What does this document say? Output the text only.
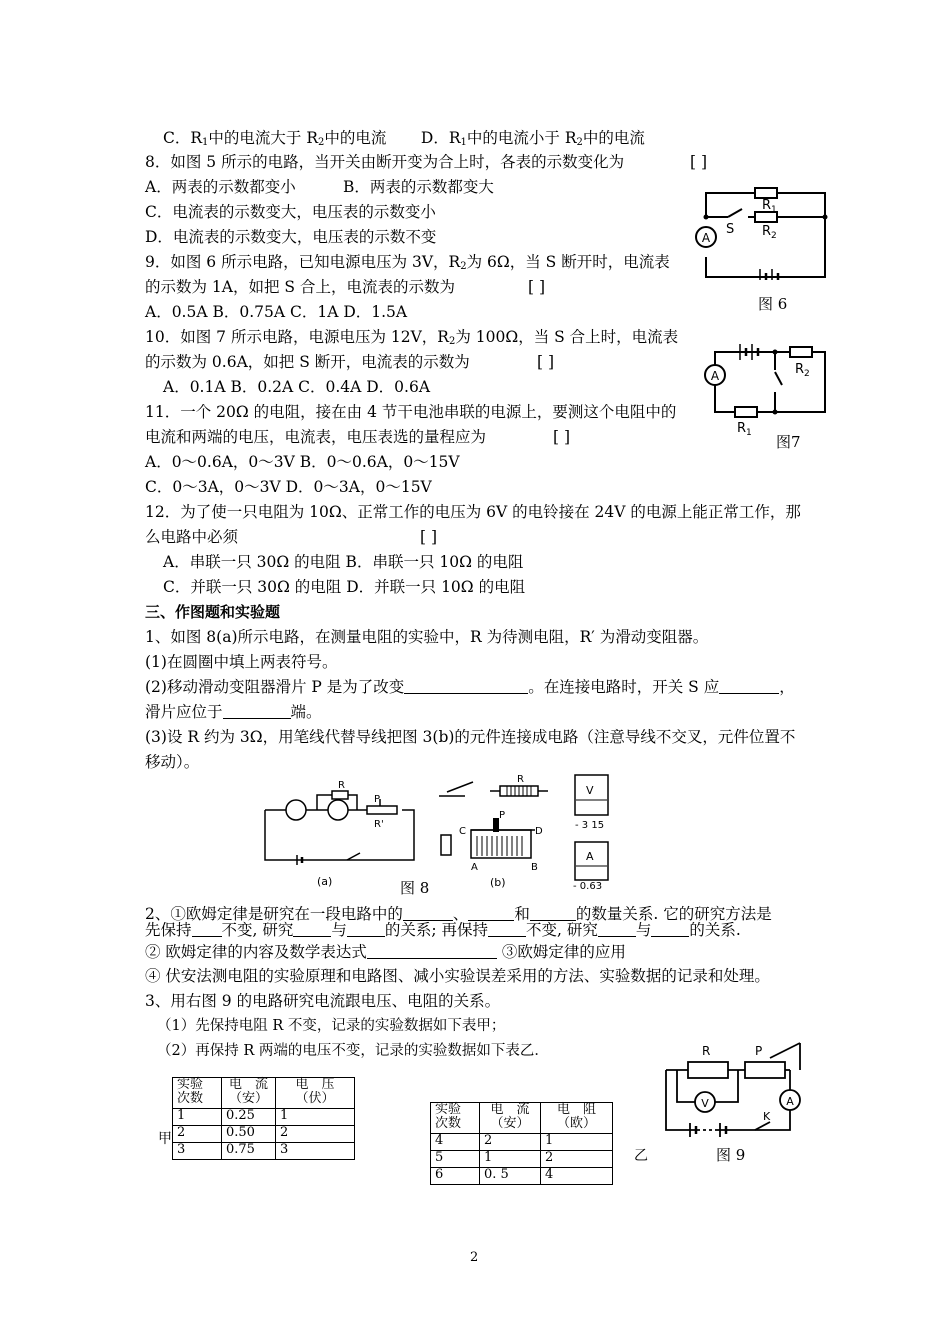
C．$R_1$中的电流大于 $R_2$中的电流 D．$R_1$中的电流小于 $R_2$中的电流
8．如图 5 所示的电路，当开关由断开变为合上时，各表的示数变化为	[ ]
A．两表的示数都变小	B．两表的示数都变大
C．电流表的示数变大，电压表的示数变小
D．电流表的示数变大，电压表的示数不变
9．如图 6 所示电路，已知电源电压为 3V，$R_2$为 6Ω，当 S 断开时，电流表
的示数为 1A，如把 S 合上，电流表的示数为	[ ]
A．0.5A B．0.75A C．1A D．1.5A
10．如图 7 所示电路，电源电压为 12V，$R_2$为 100Ω，当 S 合上时，电流表
的示数为 0.6A，如把 S 断开，电流表的示数为	[ ]
A．0.1A B．0.2A C．0.4A D．0.6A
11．一个 20Ω 的电阻，接在由 4 节干电池串联的电源上，要测这个电阻中的
电流和两端的电压，电流表，电压表选的量程应为	[ ]
A．0～0.6A，0～3V B．0～0.6A，0～15V
C．0～3A，0～3V D．0～3A，0～15V
12．为了使一只电阻为 10Ω、正常工作的电压为 6V 的电铃接在 24V 的电源上能正常工作，那
么电路中必须	[ ]
A．串联一只 30Ω 的电阻 B．串联一只 10Ω 的电阻
C．并联一只 30Ω 的电阻 D．并联一只 10Ω 的电阻
三、作图题和实验题
1、如图 8(a)所示电路，在测量电阻的实验中，R 为待测电阻，R′ 为滑动变阻器。
(1)在圆圈中填上两表符号。
(2)移动滑动变阻器滑片 P 是为了改变	。在连接电路时，开关 S 应	，
滑片应位于	端。
(3)设 R 约为 3Ω，用笔线代替导线把图 3(b)的元件连接成电路（注意导线不交叉，元件位置不
移动）。
2、①欧姆定律是研究在一段电路中的	、	和	的数量关系. 它的研究方法是
先保持 不变, 研究 与 的关系; 再保持 不变, 研究 与 的关系.
② 欧姆定律的内容及数学表达式	③欧姆定律的应用
④ 伏安法测电阻的实验原理和电路图、减小实验误差采用的方法、实验数据的记录和处理。
3、用右图 9 的电路研究电流跟电压、电阻的关系。
（1）先保持电阻 R 不变，记录的实验数据如下表甲；
（2）再保持 R 两端的电压不变，记录的实验数据如下表乙．
实验
次数	电　流
（安）	电　压
（伏）
1	0.25	1
2	0.50	2
3	0.75	3
甲
实验
次数	电　流
（安）	电　阻
（欧）
4	2	1
5	1	2
6	0. 5	4
乙
A
$R_1$
$R_2$
S
图 6
A	$R_2$
$R_1$ 图7
R
P
R'
(a)
R
V
- 3 15
A
- 0.63
C	D
P
A	B
(b)
图 8
V	A
R	P
K
图 9
2
